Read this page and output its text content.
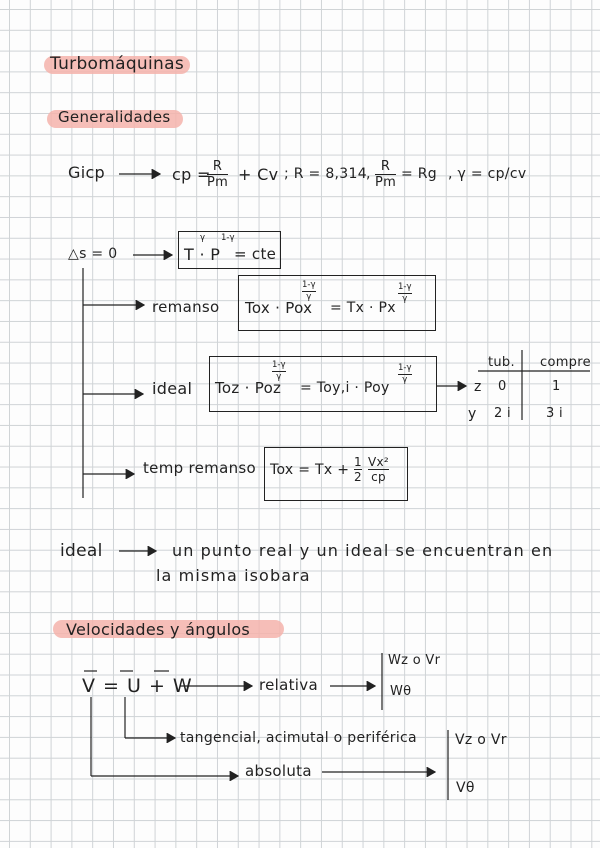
Turbomáquinas
Generalidades
Gicp	cp = R
Pm + Cv ; R = 8,314 , R
Pm
= Rg , γ = cp/cv
△s = 0	T · P
γ 1-γ
= cte
remanso Tox · Pox
1-γ
γ
= Tx · Px
1-γ
γ
ideal Toz · Poz
1-γ
γ
= Toy,i · Poy
1-γ
γ
tub. compre
z 0	1
y 2 i	3 i
temp remanso Tox = Tx + 1
2
Vx²
cp
ideal	un punto real y un ideal se encuentran en
la misma isobara
Velocidades y ángulos
V = U + W	relativa
Wz o Vr
Wθ
tangencial, acimutal o periférica
absoluta
Vz o Vr
Vθ
